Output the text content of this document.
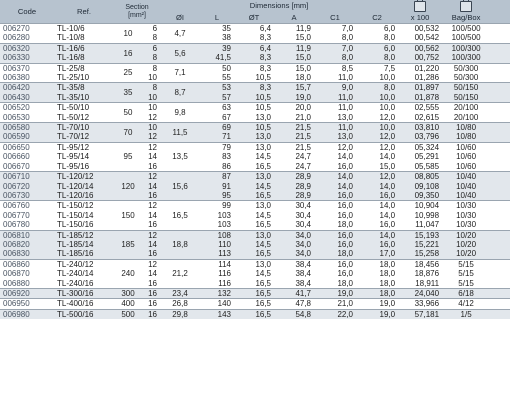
Code	Ref.	Section
[mm²]		Dimensions [mm]								
				ØI	L	ØT	A	C1	C2	x 100	Bag/Box	
006270	TL-10/6	10	6	4,7	35	6,4	11,9	7,0	6,0	00,532	100/500	
006280	TL-10/8		8		38	8,3	15,0	8,0	8,0	00,542	100/500	
006320	TL-16/6	16	6	5,6	39	6,4	11,9	7,0	6,0	00,562	100/300	
006330	TL-16/8		8		41,5	8,3	15,0	8,0	8,0	00,752	100/300	
006370	TL-25/8	25	8	7,1	50	8,3	15,0	8,5	7,5	01,220	50/300	
006380	TL-25/10		10		55	10,5	18,0	11,0	10,0	01,286	50/300	
006420	TL-35/8	35	8	8,7	53	8,3	15,7	9,0	8,0	01,897	50/150	
006430	TL-35/10		10		57	10,5	19,0	11,0	10,0	01,878	50/150	
006520	TL-50/10	50	10	9,8	63	10,5	20,0	11,0	10,0	02,555	20/100	
006530	TL-50/12		12		67	13,0	21,0	13,0	12,0	02,615	20/100	
006580	TL-70/10	70	10	11,5	69	10,5	21,5	11,0	10,0	03,810	10/80	
006590	TL-70/12		12		71	13,0	21,5	13,0	12,0	03,796	10/80	
006650	TL-95/12	95	12	13,5	79	13,0	21,5	12,0	12,0	05,324	10/60	
006660	TL-95/14		14		83	14,5	24,7	14,0	14,0	05,291	10/60	
006670	TL-95/16		16		86	16,5	24,7	16,0	15,0	05,585	10/60	
006710	TL-120/12	120	12	15,6	87	13,0	28,9	14,0	12,0	08,805	10/40	
006720	TL-120/14		14		91	14,5	28,9	14,0	14,0	09,108	10/40	
006730	TL-120/16		16		95	16,5	28,9	16,0	16,0	09,350	10/40	
006760	TL-150/12	150	12	16,5	99	13,0	30,4	16,0	14,0	10,904	10/30	
006770	TL-150/14		14		103	14,5	30,4	16,0	14,0	10,998	10/30	
006780	TL-150/16		16		103	16,5	30,4	18,0	16,0	11,047	10/30	
006810	TL-185/12	185	12	18,8	108	13,0	34,0	16,0	14,0	15,193	10/20	
006820	TL-185/14		14		110	14,5	34,0	16,0	16,0	15,221	10/20	
006830	TL-185/16		16		113	16,5	34,0	18,0	17,0	15,258	10/20	
006860	TL-240/12	240	12	21,2	114	13,0	38,4	16,0	18,0	18,456	5/15	
006870	TL-240/14		14		116	14,5	38,4	16,0	18,0	18,876	5/15	
006880	TL-240/16		16		116	16,5	38,4	18,0	18,0	18,911	5/15	
006920	TL-300/16	300	16	23,4	132	16,5	41,7	19,0	18,0	24,040	6/18	
006950	TL-400/16	400	16	26,8	140	16,5	47,8	21,0	19,0	33,966	4/12	
006980	TL-500/16	500	16	29,8	143	16,5	54,8	22,0	19,0	57,181	1/5	
